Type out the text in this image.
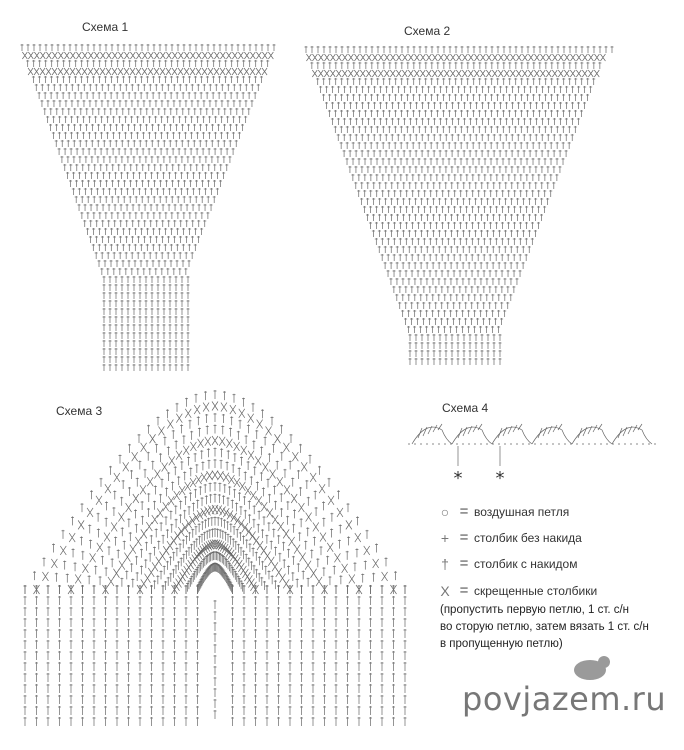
* *
Схема 1	Схема 2
Схема 3	Схема 4
○ = воздушная петля
+ = столбик без накида
† = столбик с накидом
X = скрещенные столбики
(пропустить первую петлю, 1 ст. с/н
во сторую петлю, затем вязать 1 ст. с/н
в пропущенную петлю)
povjazem.ru
